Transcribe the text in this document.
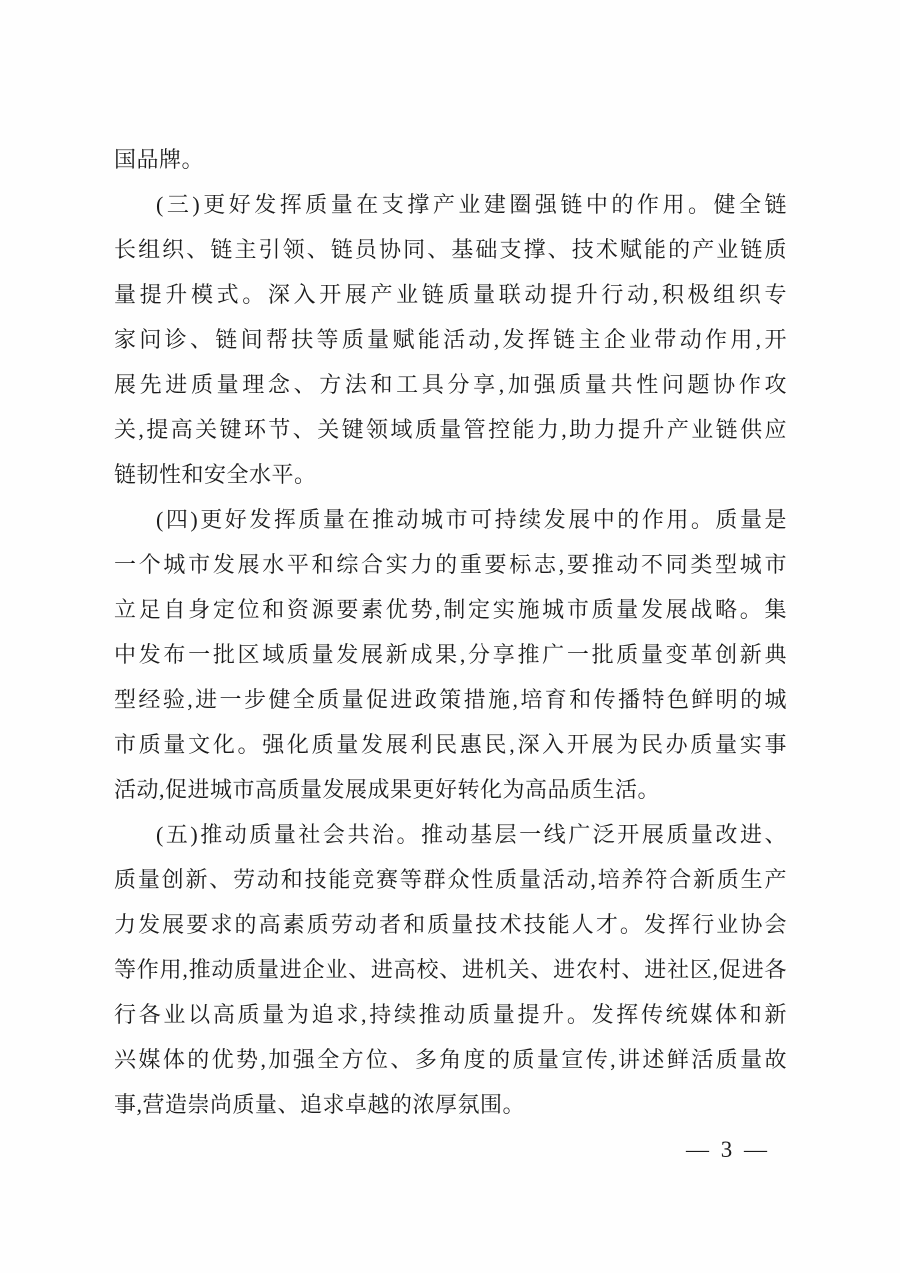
国品牌。
(三)更好发挥质量在支撑产业建圈强链中的作用。健全链
长组织、链主引领、链员协同、基础支撑、技术赋能的产业链质
量提升模式。深入开展产业链质量联动提升行动,积极组织专
家问诊、链间帮扶等质量赋能活动,发挥链主企业带动作用,开
展先进质量理念、方法和工具分享,加强质量共性问题协作攻
关,提高关键环节、关键领域质量管控能力,助力提升产业链供应
链韧性和安全水平。
(四)更好发挥质量在推动城市可持续发展中的作用。质量是
一个城市发展水平和综合实力的重要标志,要推动不同类型城市
立足自身定位和资源要素优势,制定实施城市质量发展战略。集
中发布一批区域质量发展新成果,分享推广一批质量变革创新典
型经验,进一步健全质量促进政策措施,培育和传播特色鲜明的城
市质量文化。强化质量发展利民惠民,深入开展为民办质量实事
活动,促进城市高质量发展成果更好转化为高品质生活。
(五)推动质量社会共治。推动基层一线广泛开展质量改进、
质量创新、劳动和技能竞赛等群众性质量活动,培养符合新质生产
力发展要求的高素质劳动者和质量技术技能人才。发挥行业协会
等作用,推动质量进企业、进高校、进机关、进农村、进社区,促进各
行各业以高质量为追求,持续推动质量提升。发挥传统媒体和新
兴媒体的优势,加强全方位、多角度的质量宣传,讲述鲜活质量故
事,营造崇尚质量、追求卓越的浓厚氛围。
— 3 —
